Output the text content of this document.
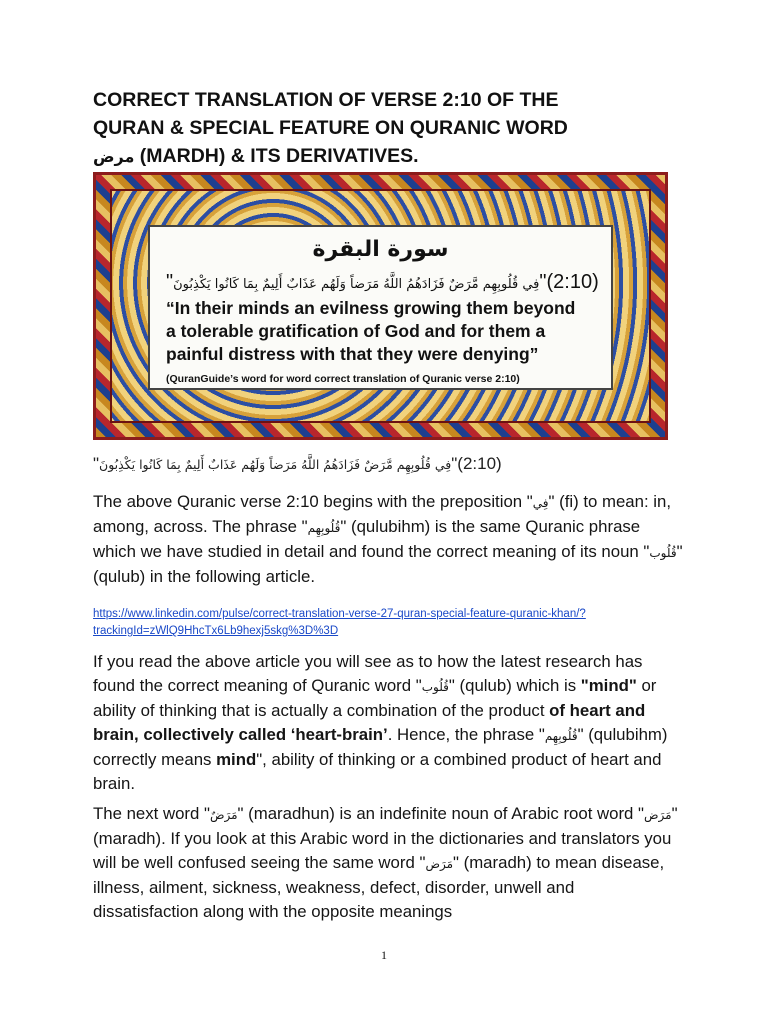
CORRECT TRANSLATION OF VERSE 2:10 OF THE
QURAN & SPECIAL FEATURE ON QURANIC WORD
مرض (MARDH) & ITS DERIVATIVES.
سورة البقرة
"فِي قُلُوبِهِم مَّرَضٌ فَزَادَهُمُ اللَّهُ مَرَضاً وَلَهُم عَذَابٌ أَلِيمٌ بِمَا كَانُوا يَكْذِبُونَ"(2:10)
“In their minds an evilness growing them beyond
a tolerable gratification of God and for them a
painful distress with that they were denying”
(QuranGuide’s word for word correct translation of Quranic verse 2:10)
"فِي قُلُوبِهِم مَّرَضٌ فَزَادَهُمُ اللَّهُ مَرَضاً وَلَهُم عَذَابٌ أَلِيمٌ بِمَا كَانُوا يَكْذِبُونَ"(2:10)

The above Quranic verse 2:10 begins with the preposition "فِي" (fi) to mean: in, among, across. The phrase "قُلُوبِهِم" (qulubihm) is the same Quranic phrase which we have studied in detail and found the correct meaning of its noun "قُلُوب" (qulub) in the following article.

https://www.linkedin.com/pulse/correct-translation-verse-27-quran-special-feature-quranic-khan/?trackingId=zWlQ9HhcTx6Lb9hexj5skg%3D%3D

If you read the above article you will see as to how the latest research has found the correct meaning of Quranic word "قُلُوب" (qulub) which is "mind" or ability of thinking that is actually a combination of the product of heart and brain, collectively called ‘heart-brain’. Hence, the phrase "قُلُوبِهِم" (qulubihm) correctly means mind", ability of thinking or a combined product of heart and brain.

The next word "مَرَضٌ" (maradhun) is an indefinite noun of Arabic root word "مَرَض" (maradh). If you look at this Arabic word in the dictionaries and translators you will be well confused seeing the same word "مَرَض" (maradh) to mean disease, illness, ailment, sickness, weakness, defect, disorder, unwell and dissatisfaction along with the opposite meanings

1
